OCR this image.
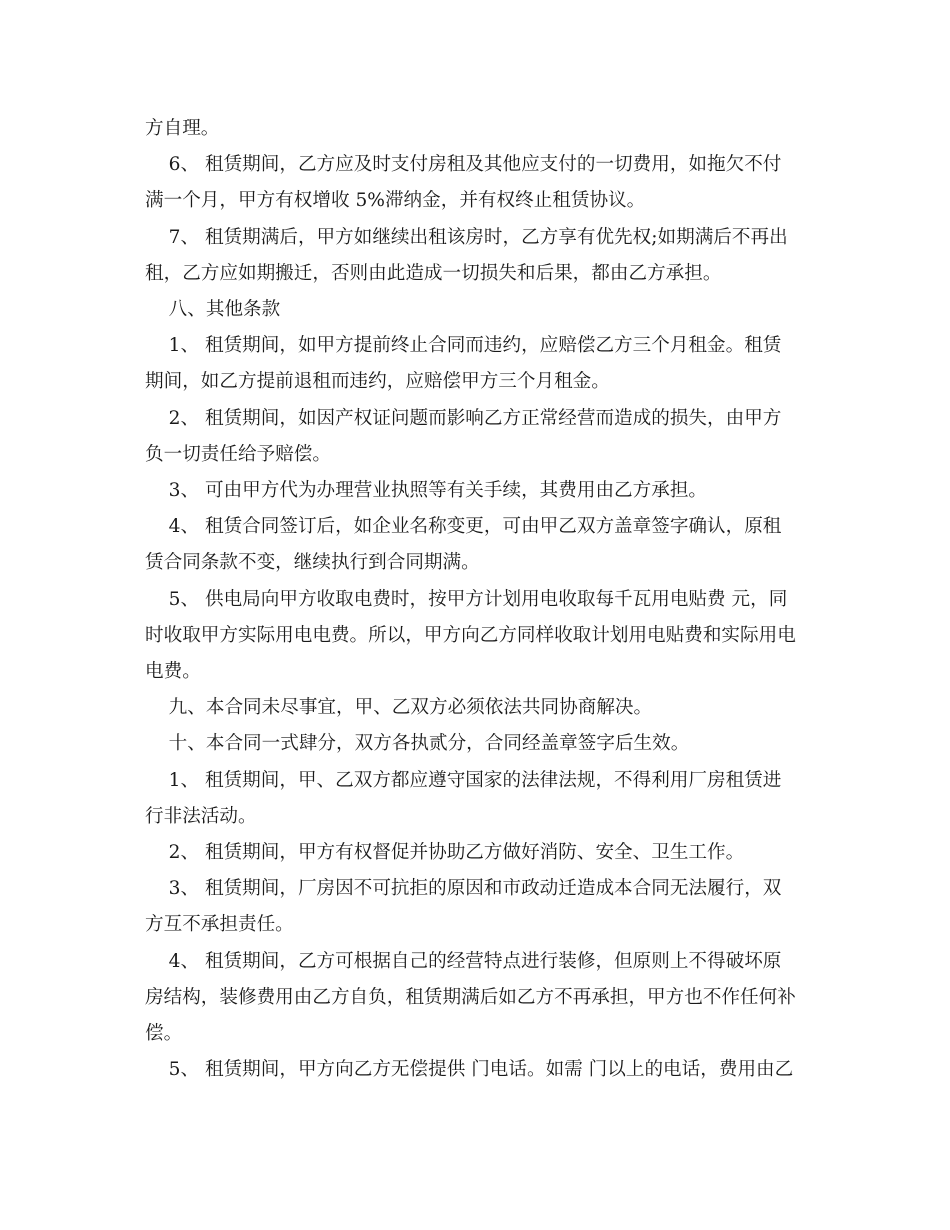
方自理。

6、 租赁期间，乙方应及时支付房租及其他应支付的一切费用，如拖欠不付

满一个月，甲方有权增收 5%滞纳金，并有权终止租赁协议。

7、 租赁期满后，甲方如继续出租该房时，乙方享有优先权;如期满后不再出

租，乙方应如期搬迁，否则由此造成一切损失和后果，都由乙方承担。

八、其他条款

1、 租赁期间，如甲方提前终止合同而违约，应赔偿乙方三个月租金。租赁

期间，如乙方提前退租而违约，应赔偿甲方三个月租金。

2、 租赁期间，如因产权证问题而影响乙方正常经营而造成的损失，由甲方

负一切责任给予赔偿。

3、 可由甲方代为办理营业执照等有关手续，其费用由乙方承担。

4、 租赁合同签订后，如企业名称变更，可由甲乙双方盖章签字确认，原租

赁合同条款不变，继续执行到合同期满。

5、 供电局向甲方收取电费时，按甲方计划用电收取每千瓦用电贴费 元，同

时收取甲方实际用电电费。所以，甲方向乙方同样收取计划用电贴费和实际用电

电费。

九、本合同未尽事宜，甲、乙双方必须依法共同协商解决。

十、本合同一式肆分，双方各执贰分，合同经盖章签字后生效。

1、 租赁期间，甲、乙双方都应遵守国家的法律法规，不得利用厂房租赁进

行非法活动。

2、 租赁期间，甲方有权督促并协助乙方做好消防、安全、卫生工作。

3、 租赁期间，厂房因不可抗拒的原因和市政动迁造成本合同无法履行，双

方互不承担责任。

4、 租赁期间，乙方可根据自己的经营特点进行装修，但原则上不得破坏原

房结构，装修费用由乙方自负，租赁期满后如乙方不再承担，甲方也不作任何补

偿。

5、 租赁期间，甲方向乙方无偿提供 门电话。如需 门以上的电话，费用由乙
